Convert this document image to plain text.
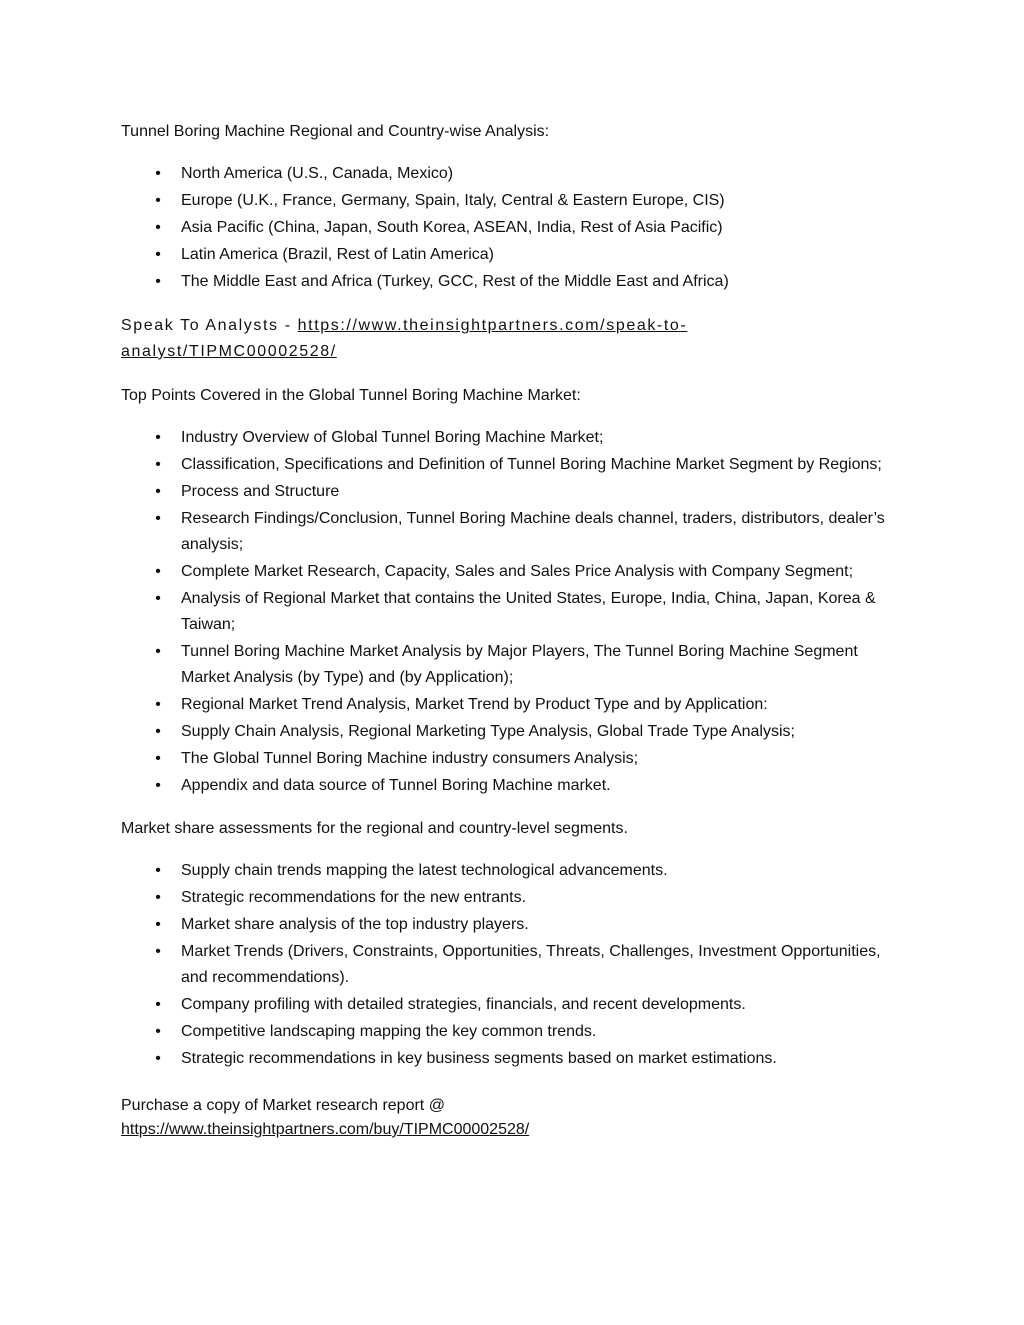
Tunnel Boring Machine Regional and Country-wise Analysis:

• North America (U.S., Canada, Mexico)
• Europe (U.K., France, Germany, Spain, Italy, Central & Eastern Europe, CIS)
• Asia Pacific (China, Japan, South Korea, ASEAN, India, Rest of Asia Pacific)
• Latin America (Brazil, Rest of Latin America)
• The Middle East and Africa (Turkey, GCC, Rest of the Middle East and Africa)

Speak To Analysts - https://www.theinsightpartners.com/speak-to-
analyst/TIPMC00002528/

Top Points Covered in the Global Tunnel Boring Machine Market:

• Industry Overview of Global Tunnel Boring Machine Market;
• Classification, Specifications and Definition of Tunnel Boring Machine Market Segment by Regions;
• Process and Structure
• Research Findings/Conclusion, Tunnel Boring Machine deals channel, traders, distributors, dealer’s analysis;
• Complete Market Research, Capacity, Sales and Sales Price Analysis with Company Segment;
• Analysis of Regional Market that contains the United States, Europe, India, China, Japan, Korea & Taiwan;
• Tunnel Boring Machine Market Analysis by Major Players, The Tunnel Boring Machine Segment Market Analysis (by Type) and (by Application);
• Regional Market Trend Analysis, Market Trend by Product Type and by Application:
• Supply Chain Analysis, Regional Marketing Type Analysis, Global Trade Type Analysis;
• The Global Tunnel Boring Machine industry consumers Analysis;
• Appendix and data source of Tunnel Boring Machine market.

Market share assessments for the regional and country-level segments.

• Supply chain trends mapping the latest technological advancements.
• Strategic recommendations for the new entrants.
• Market share analysis of the top industry players.
• Market Trends (Drivers, Constraints, Opportunities, Threats, Challenges, Investment Opportunities, and recommendations).
• Company profiling with detailed strategies, financials, and recent developments.
• Competitive landscaping mapping the key common trends.
• Strategic recommendations in key business segments based on market estimations.

Purchase a copy of Market research report @
https://www.theinsightpartners.com/buy/TIPMC00002528/
